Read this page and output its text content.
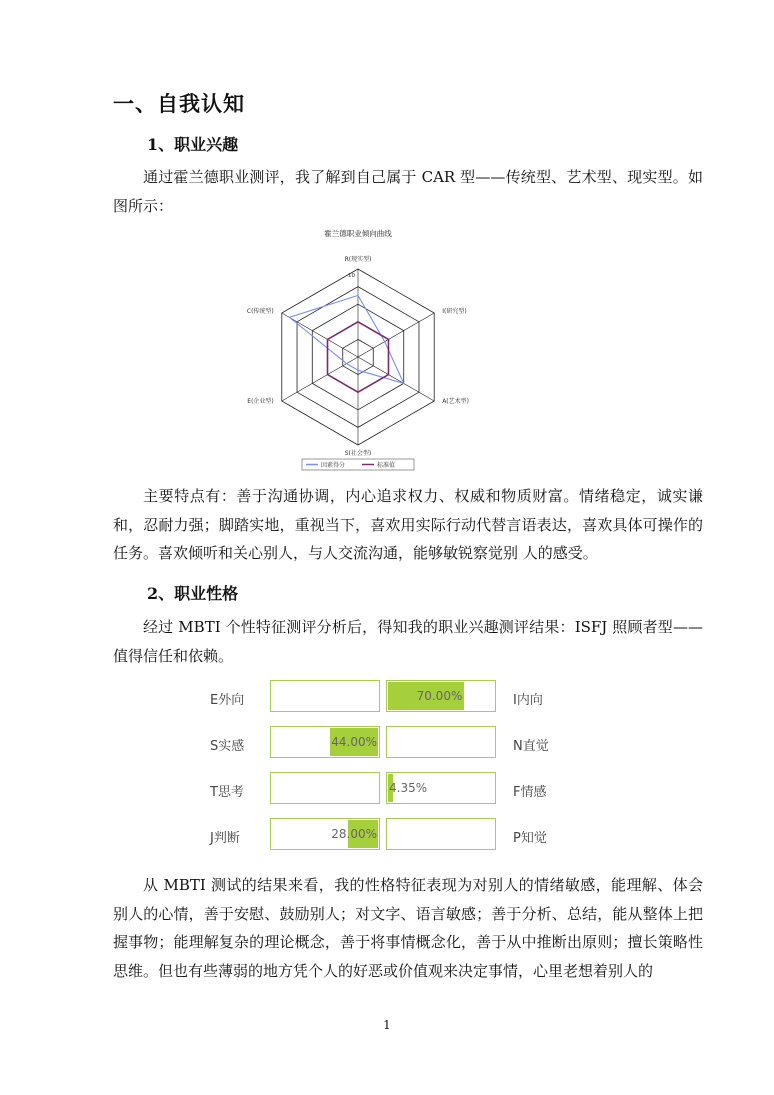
一、自我认知
1、职业兴趣

通过霍兰德职业测评，我了解到自己属于 CAR 型——传统型、艺术型、现实型。如图所示：

霍兰德职业倾向曲线
10
R(现实型)
I(研究型)
A(艺术型)
S(社会型)
E(企业型)
C(传统型)
因素得分	标准值

主要特点有：善于沟通协调，内心追求权力、权威和物质财富。情绪稳定，诚实谦和，忍耐力强；脚踏实地，重视当下，喜欢用实际行动代替言语表达，喜欢具体可操作的任务。喜欢倾听和关心别人，与人交流沟通，能够敏锐察觉别 人的感受。

2、职业性格

经过 MBTI 个性特征测评分析后，得知我的职业兴趣测评结果：ISFJ 照顾者型——值得信任和依赖。

E外向	70.00%	I内向
S实感	44.00%	N直觉
T思考	4.35%	F情感
J判断	28.00%	P知觉

从 MBTI 测试的结果来看，我的性格特征表现为对别人的情绪敏感，能理解、体会别人的心情，善于安慰、鼓励别人；对文字、语言敏感；善于分析、总结，能从整体上把握事物；能理解复杂的理论概念，善于将事情概念化，善于从中推断出原则；擅长策略性思维。但也有些薄弱的地方凭个人的好恶或价值观来决定事情，心里老想着别人的

1
